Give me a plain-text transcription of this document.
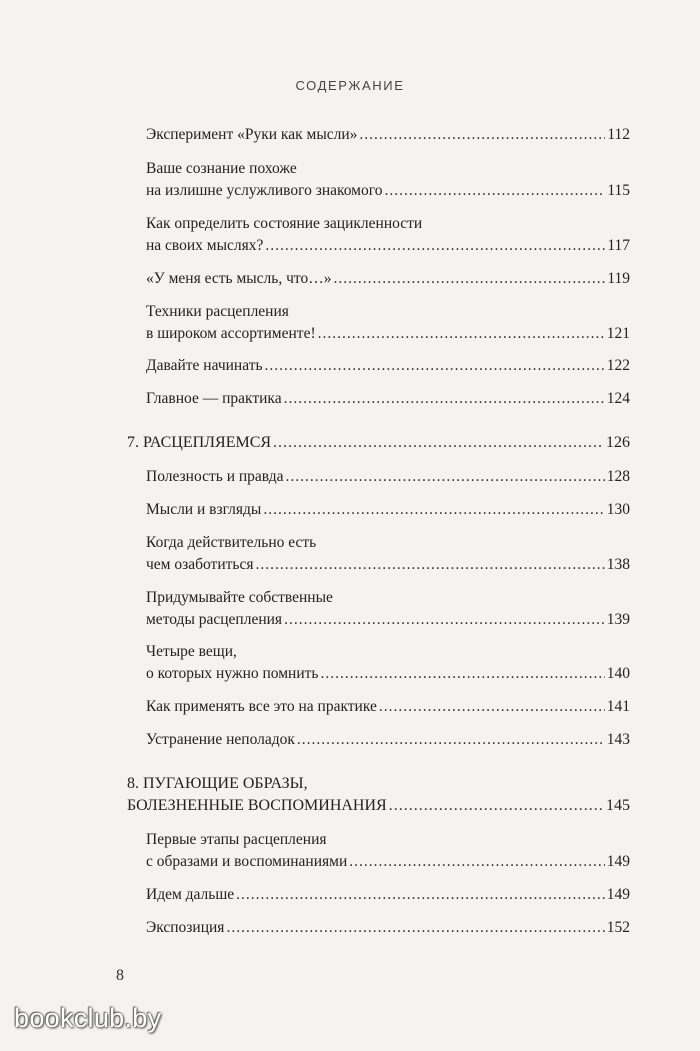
СОДЕРЖАНИЕ
Эксперимент «Руки как мысли» .....	112
Ваше сознание похоже
на излишне услужливого знакомого .....	115
Как определить состояние зацикленности
на своих мыслях? .....	117
«У меня есть мысль, что…» .....	119
Техники расцепления
в широком ассортименте! .....	121
Давайте начинать .....	122
Главное — практика .....	124
7. РАСЦЕПЛЯЕМСЯ .....	126
Полезность и правда .....	128
Мысли и взгляды .....	130
Когда действительно есть
чем озаботиться .....	138
Придумывайте собственные
методы расцепления .....	139
Четыре вещи,
о которых нужно помнить .....	140
Как применять все это на практике .....	141
Устранение неполадок .....	143
8. ПУГАЮЩИЕ ОБРАЗЫ,
БОЛЕЗНЕННЫЕ ВОСПОМИНАНИЯ .....	145
Первые этапы расцепления
с образами и воспоминаниями .....	149
Идем дальше .....	149
Экспозиция .....	152
8
bookclub.by
